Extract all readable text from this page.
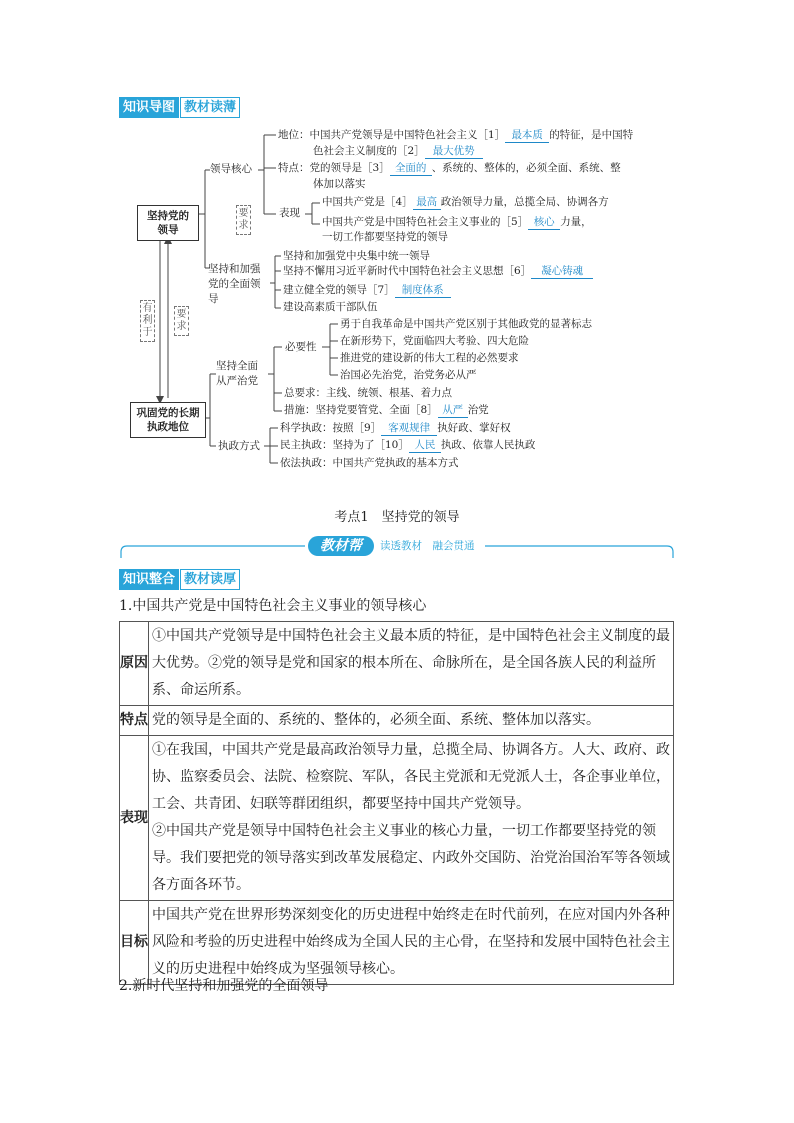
知识导图 教材读薄
坚持党的领导
巩固党的长期执政地位
有利于
要求
要求
领导核心
地位：中国共产党领导是中国特色社会主义［1］ 最本质 的特征，是中国特
色社会主义制度的［2］ 最大优势
特点：党的领导是［3］ 全面的 、系统的、整体的，必须全面、系统、整
体加以落实
表现
中国共产党是［4］ 最高 政治领导力量，总揽全局、协调各方
中国共产党是中国特色社会主义事业的［5］ 核心 力量，
一切工作都要坚持党的领导
坚持和加强党的全面领导
坚持和加强党中央集中统一领导
坚持不懈用习近平新时代中国特色社会主义思想［6］ 凝心铸魂
建立健全党的领导［7］ 制度体系
建设高素质干部队伍
坚持全面从严治党
必要性
勇于自我革命是中国共产党区别于其他政党的显著标志
在新形势下，党面临四大考验、四大危险
推进党的建设新的伟大工程的必然要求
治国必先治党，治党务必从严
总要求：主线、统领、根基、着力点
措施：坚持党要管党、全面［8］ 从严 治党
执政方式
科学执政：按照［9］ 客观规律 执好政、掌好权
民主执政：坚持为了［10］ 人民 执政、依靠人民执政
依法执政：中国共产党执政的基本方式
考点1　坚持党的领导
教材帮	读透教材　融会贯通
知识整合 教材读厚
1.中国共产党是中国特色社会主义事业的领导核心
原因	①中国共产党领导是中国特色社会主义最本质的特征，是中国特色社会主义制度的最大优势。②党的领导是党和国家的根本所在、命脉所在，是全国各族人民的利益所系、命运所系。
特点	党的领导是全面的、系统的、整体的，必须全面、系统、整体加以落实。
表现	①在我国，中国共产党是最高政治领导力量，总揽全局、协调各方。人大、政府、政协、监察委员会、法院、检察院、军队，各民主党派和无党派人士，各企事业单位，工会、共青团、妇联等群团组织，都要坚持中国共产党领导。
②中国共产党是领导中国特色社会主义事业的核心力量，一切工作都要坚持党的领导。我们要把党的领导落实到改革发展稳定、内政外交国防、治党治国治军等各领域各方面各环节。

目标	中国共产党在世界形势深刻变化的历史进程中始终走在时代前列，在应对国内外各种风险和考验的历史进程中始终成为全国人民的主心骨，在坚持和发展中国特色社会主义的历史进程中始终成为坚强领导核心。
2.新时代坚持和加强党的全面领导
